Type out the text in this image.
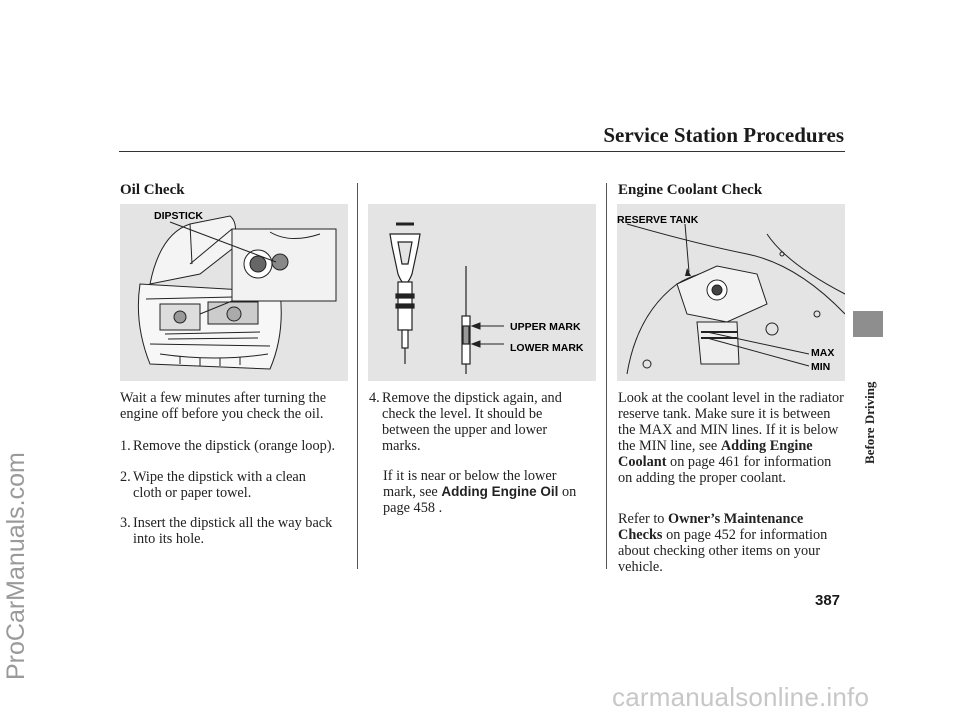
ProCarManuals.com
carmanualsonline.info
Service Station Procedures
Before Driving
Oil Check	Engine Coolant Check
DIPSTICK
UPPER MARK
LOWER MARK
RESERVE TANK
MAX
MIN
Wait a few minutes after turning the engine off before you check the oil.
1. Remove the dipstick (orange loop).
2. Wipe the dipstick with a clean cloth or paper towel.
3. Insert the dipstick all the way back into its hole.
4. Remove the dipstick again, and check the level. It should be between the upper and lower marks.
If it is near or below the lower mark, see Adding Engine Oil on page 458 .
Look at the coolant level in the radiator reserve tank. Make sure it is between the MAX and MIN lines. If it is below the MIN line, see Adding Engine Coolant on page 461 for information on adding the proper coolant.
Refer to Owner’s Maintenance Checks on page 452 for information about checking other items on your vehicle.
387
